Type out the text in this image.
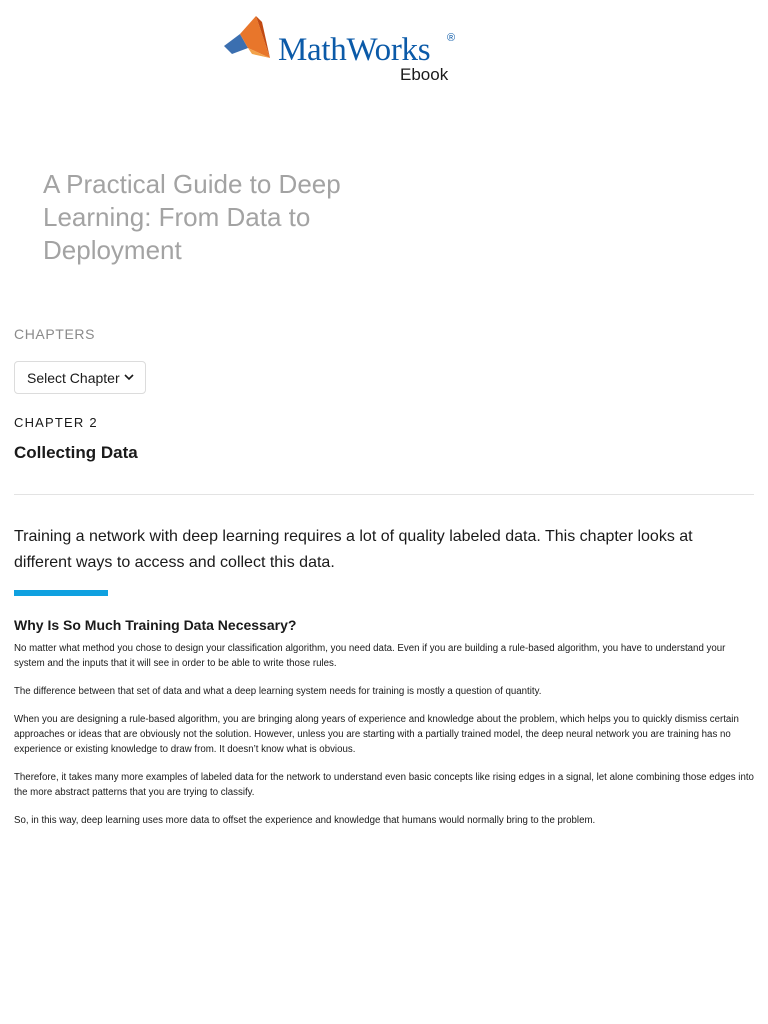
MathWorks ®
Ebook
A Practical Guide to Deep Learning: From Data to Deployment
CHAPTERS
Select Chapter
CHAPTER 2
Collecting Data

Training a network with deep learning requires a lot of quality labeled data. This chapter looks at different ways to access and collect this data.

Why Is So Much Training Data Necessary?

No matter what method you chose to design your classification algorithm, you need data. Even if you are building a rule-based algorithm, you have to understand your system and the inputs that it will see in order to be able to write those rules.

The difference between that set of data and what a deep learning system needs for training is mostly a question of quantity.

When you are designing a rule-based algorithm, you are bringing along years of experience and knowledge about the problem, which helps you to quickly dismiss certain approaches or ideas that are obviously not the solution. However, unless you are starting with a partially trained model, the deep neural network you are training has no experience or existing knowledge to draw from. It doesn’t know what is obvious.

Therefore, it takes many more examples of labeled data for the network to understand even basic concepts like rising edges in a signal, let alone combining those edges into the more abstract patterns that you are trying to classify.

So, in this way, deep learning uses more data to offset the experience and knowledge that humans would normally bring to the problem.
